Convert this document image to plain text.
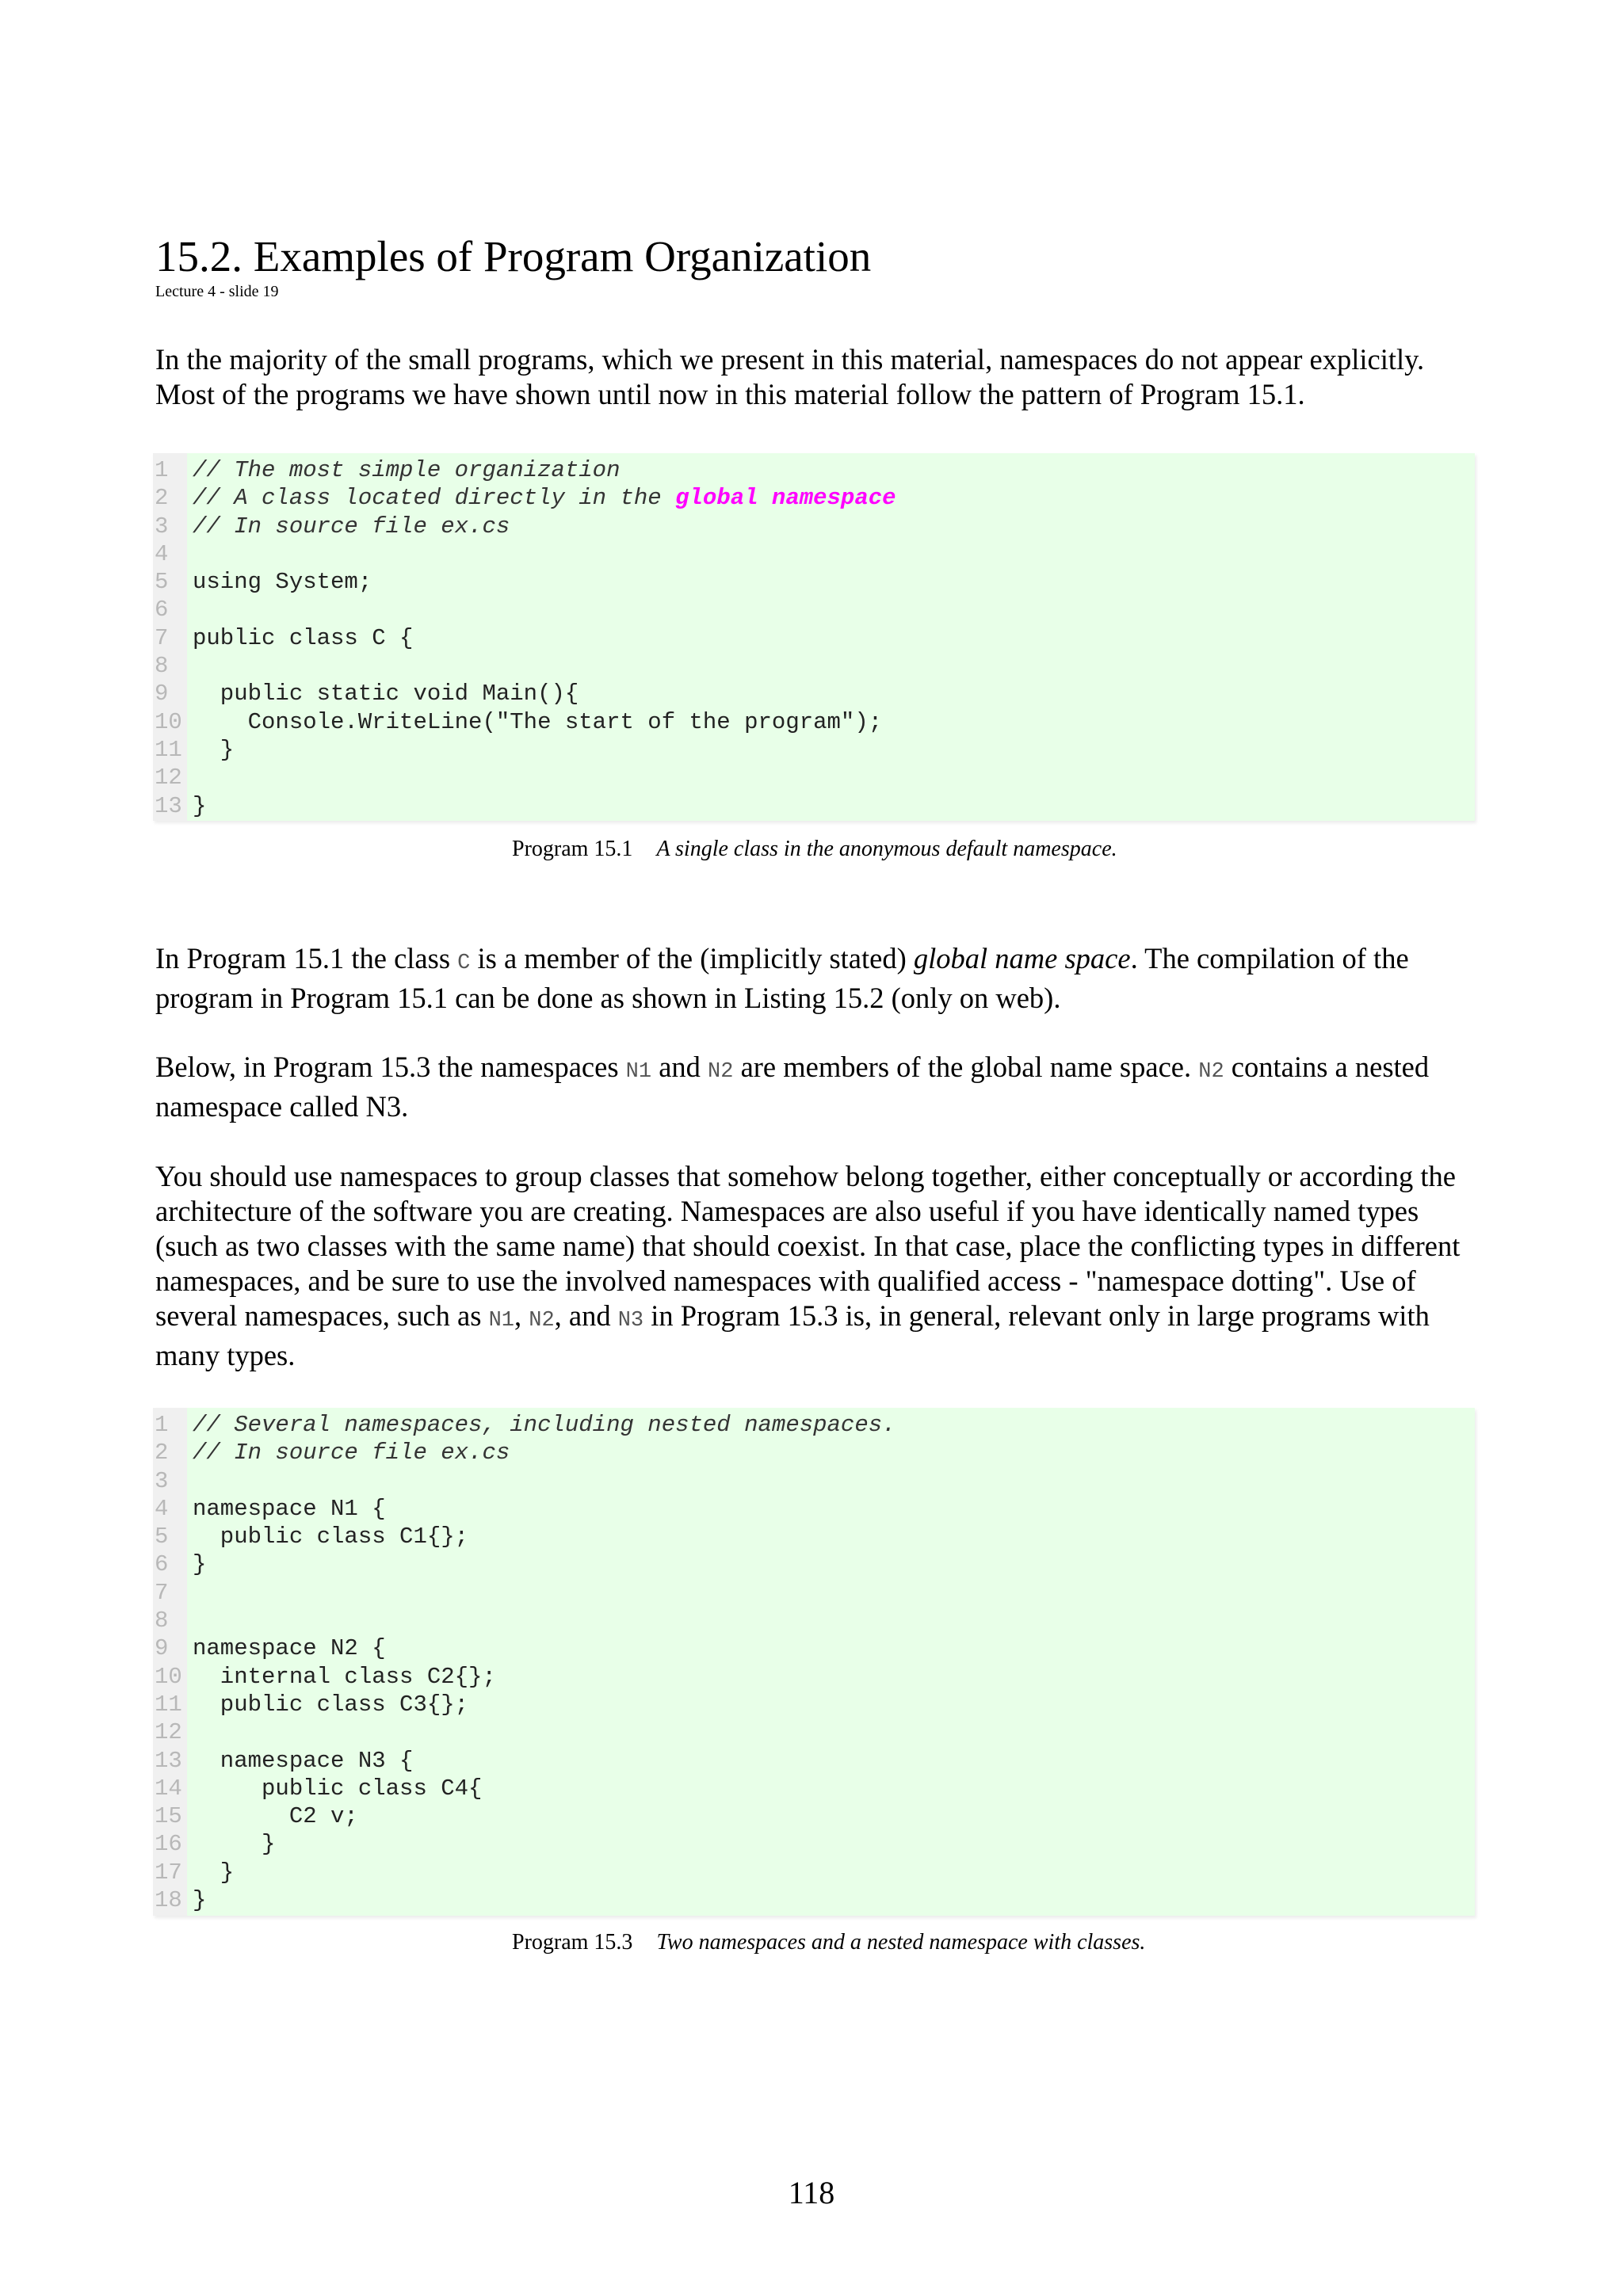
15.2. Examples of Program Organization
Lecture 4 - slide 19
In the majority of the small programs, which we present in this material, namespaces do not appear explicitly. Most of the programs we have shown until now in this material follow the pattern of Program 15.1.
1	// The most simple organization
2	// A class located directly in the global namespace
3	// In source file ex.cs
4
5	using System;
6
7	public class C {
8
9	public static void Main(){
10 Console.WriteLine("The start of the program");
11 }
12
13 }
Program 15.1 A single class in the anonymous default namespace.
In Program 15.1 the class C is a member of the (implicitly stated) global name space. The compilation of the program in Program 15.1 can be done as shown in Listing 15.2 (only on web).
Below, in Program 15.3 the namespaces N1 and N2 are members of the global name space. N2 contains a nested namespace called N3.
You should use namespaces to group classes that somehow belong together, either conceptually or according the architecture of the software you are creating. Namespaces are also useful if you have identically named types (such as two classes with the same name) that should coexist. In that case, place the conflicting types in different namespaces, and be sure to use the involved namespaces with qualified access - "namespace dotting". Use of several namespaces, such as N1, N2, and N3 in Program 15.3 is, in general, relevant only in large programs with many types.
1	// Several namespaces, including nested namespaces.
2	// In source file ex.cs
3
4	namespace N1 {
5	public class C1{};
6	}
7
8
9	namespace N2 {
10 internal class C2{};
11 public class C3{};
12
13 namespace N3 {
14 public class C4{
15 C2 v;
16 }
17 }
18 }
Program 15.3 Two namespaces and a nested namespace with classes.
118
